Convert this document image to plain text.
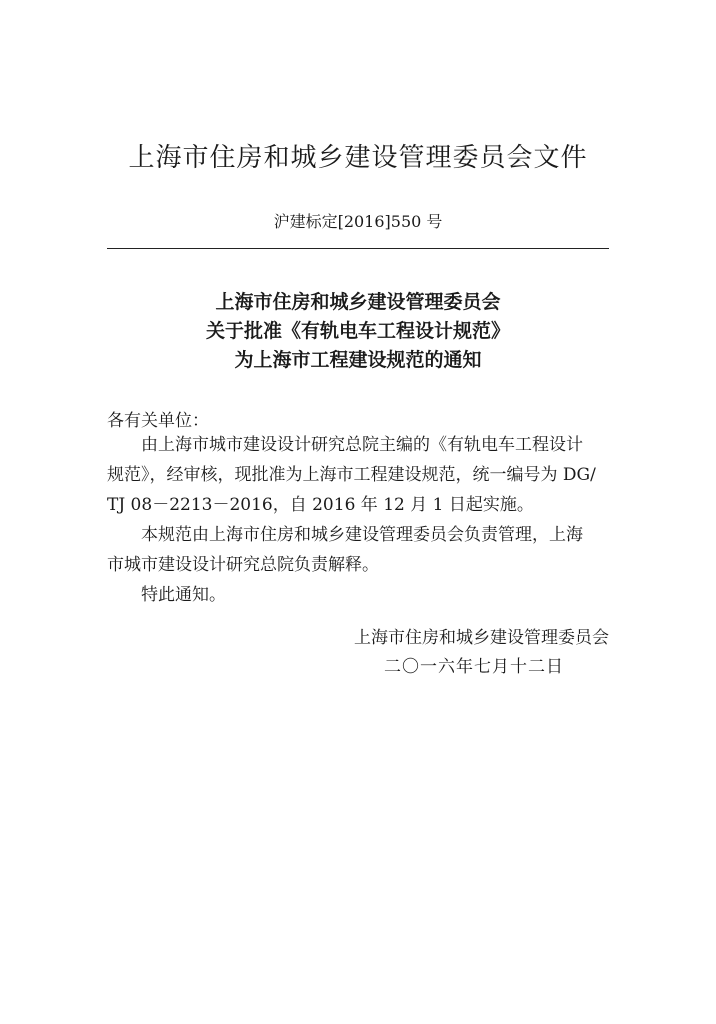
上海市住房和城乡建设管理委员会文件
沪建标定[2016]550 号
上海市住房和城乡建设管理委员会
关于批准《有轨电车工程设计规范》
为上海市工程建设规范的通知
各有关单位：
由上海市城市建设设计研究总院主编的《有轨电车工程设计
规范》，经审核，现批准为上海市工程建设规范，统一编号为 DG/
TJ 08－2213－2016，自 2016 年 12 月 1 日起实施。
本规范由上海市住房和城乡建设管理委员会负责管理，上海
市城市建设设计研究总院负责解释。
特此通知。
上海市住房和城乡建设管理委员会
二〇一六年七月十二日
